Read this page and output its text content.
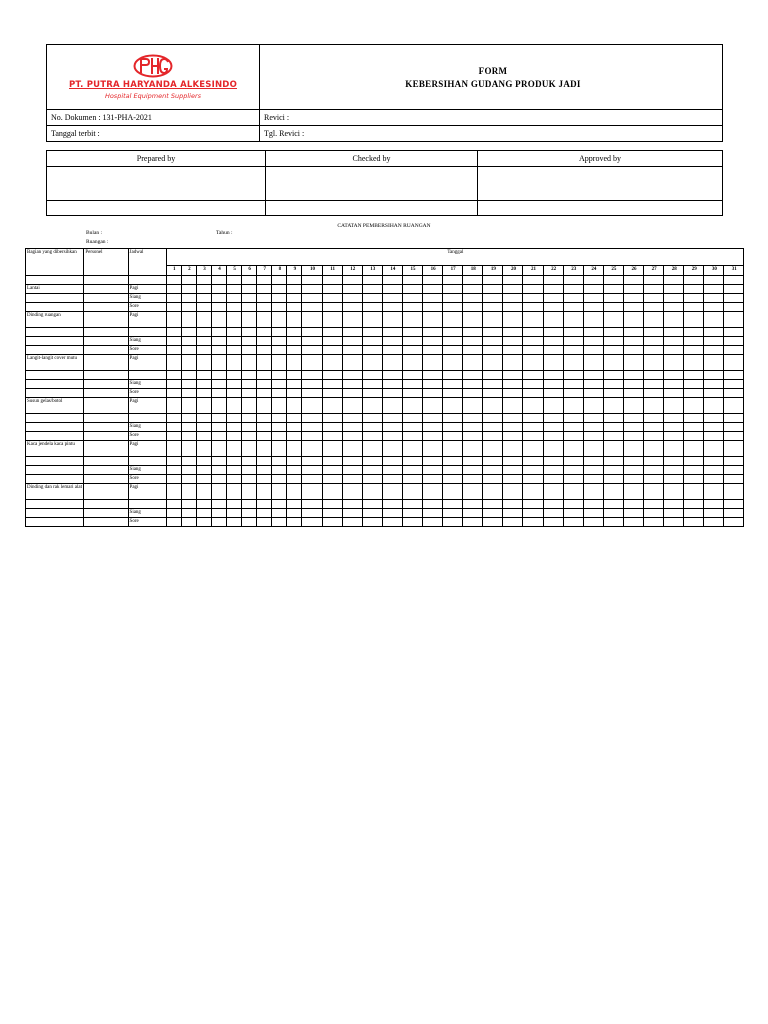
PT. PUTRA HARYANDA ALKESINDO
Hospital Equipment Suppliers	FORM
KEBERSIHAN GUDANG PRODUK JADI

No. Dokumen : 131-PHA-2021	Revici :
Tanggal terbit :	Tgl. Revici :
Prepared by	Checked by	Approved by

CATATAN PEMBERSIHAN RUANGAN
Bulan :	Tahun :
Ruangan :
Bagian yang dibersihkan	Personel	Jadwal	Tanggal																														
			1	2	3	4	5	6	7	8	9	10	11	12	13	14	15	16	17	18	19	20	21	22	23	24	25	26	27	28	29	30	31

Lantai		Pagi																															
		Siang																															
		Sore																															
Dinding ruangan		Pagi																															

		Siang																															
		Sore																															
Langit-langit cover mutu		Pagi																															

		Siang																															
		Sore																															
Susun gelas/botol		Pagi																															

		Siang																															
		Sore																															
Kaca jendela kaca pintu		Pagi																															

		Siang																															
		Sore																															
Dinding dan rak lemari alat		Pagi																															

		Siang																															
		Sore																															
